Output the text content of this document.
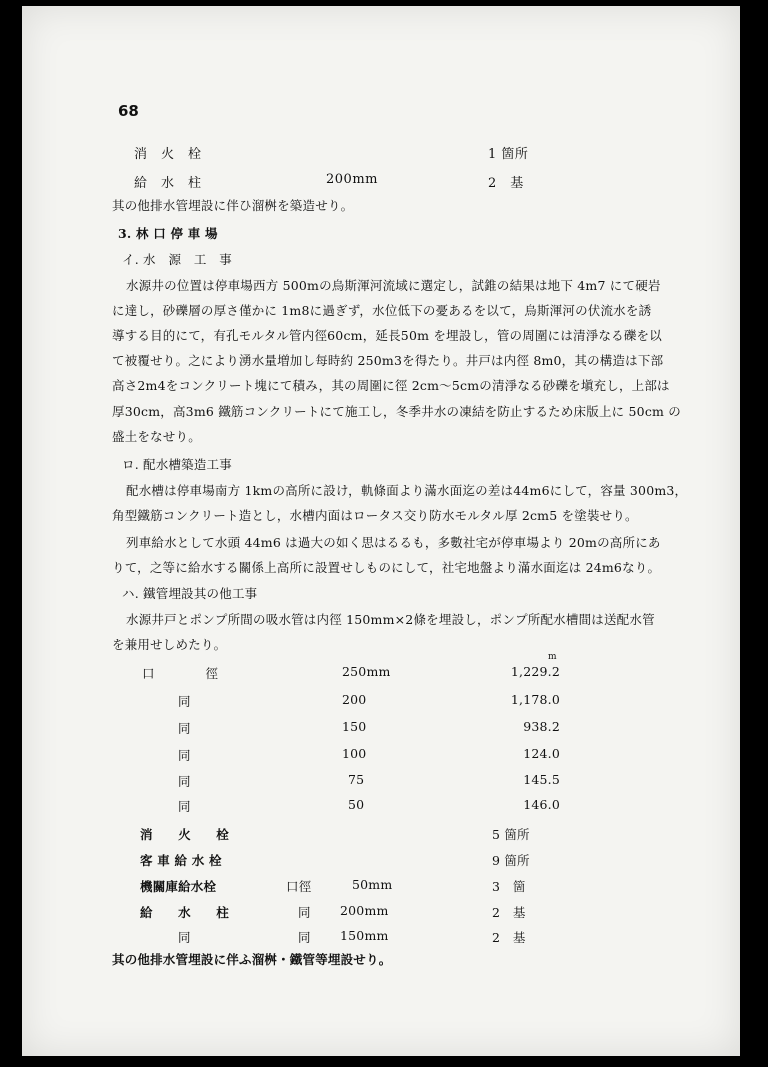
68
消　火　栓	1 箇所
給　水　柱	200mm	2　基
其の他排水管埋設に伴ひ溜桝を築造せり。
3. 林 口 停 車 場
イ. 水　源　工　事
水源井の位置は停車場西方 500mの烏斯渾河流域に選定し，試錐の結果は地下 4m7 にて硬岩
に達し，砂礫層の厚さ僅かに 1m8に過ぎず，水位低下の憂あるを以て，烏斯渾河の伏流水を誘
導する目的にて，有孔モルタル管内徑60cm，延長50m を埋設し，管の周圍には清淨なる礫を以
て被覆せり。之により湧水量増加し每時約 250m3を得たり。井戸は内徑 8m0，其の構造は下部
高さ2m4をコンクリート塊にて積み，其の周圍に徑 2cm～5cmの清淨なる砂礫を塡充し，上部は
厚30cm，高3m6 鐵筋コンクリートにて施工し，冬季井水の凍結を防止するため床版上に 50cm の
盛土をなせり。
ロ. 配水槽築造工事
配水槽は停車場南方 1kmの高所に設け，軌條面より滿水面迄の差は44m6にして，容量 300m3，
角型鐵筋コンクリート造とし，水槽内面はロータス交り防水モルタル厚 2cm5 を塗裝せり。
列車給水として水頭 44m6 は過大の如く思はるるも，多數社宅が停車場より 20mの高所にあ
りて，之等に給水する關係上高所に設置せしものにして，社宅地盤より滿水面迄は 24m6なり。
ハ. 鐵管埋設其の他工事
水源井戸とポンプ所間の吸水管は内徑 150mm×2條を埋設し，ポンプ所配水槽間は送配水管
を兼用せしめたり。
m
口　　　　徑	250mm	1,229.2
同	200	1,178.0
同	150	938.2
同	100	124.0
同	75	145.5
同	50	146.0
消　　火　　栓	5 箇所
客 車 給 水 栓	9 箇所
機關庫給水栓	口徑	50mm	3　箇
給　　水　　柱	同 200mm	2　基
同	同 150mm	2　基
其の他排水管埋設に伴ふ溜桝・鐵管等埋設せり。
